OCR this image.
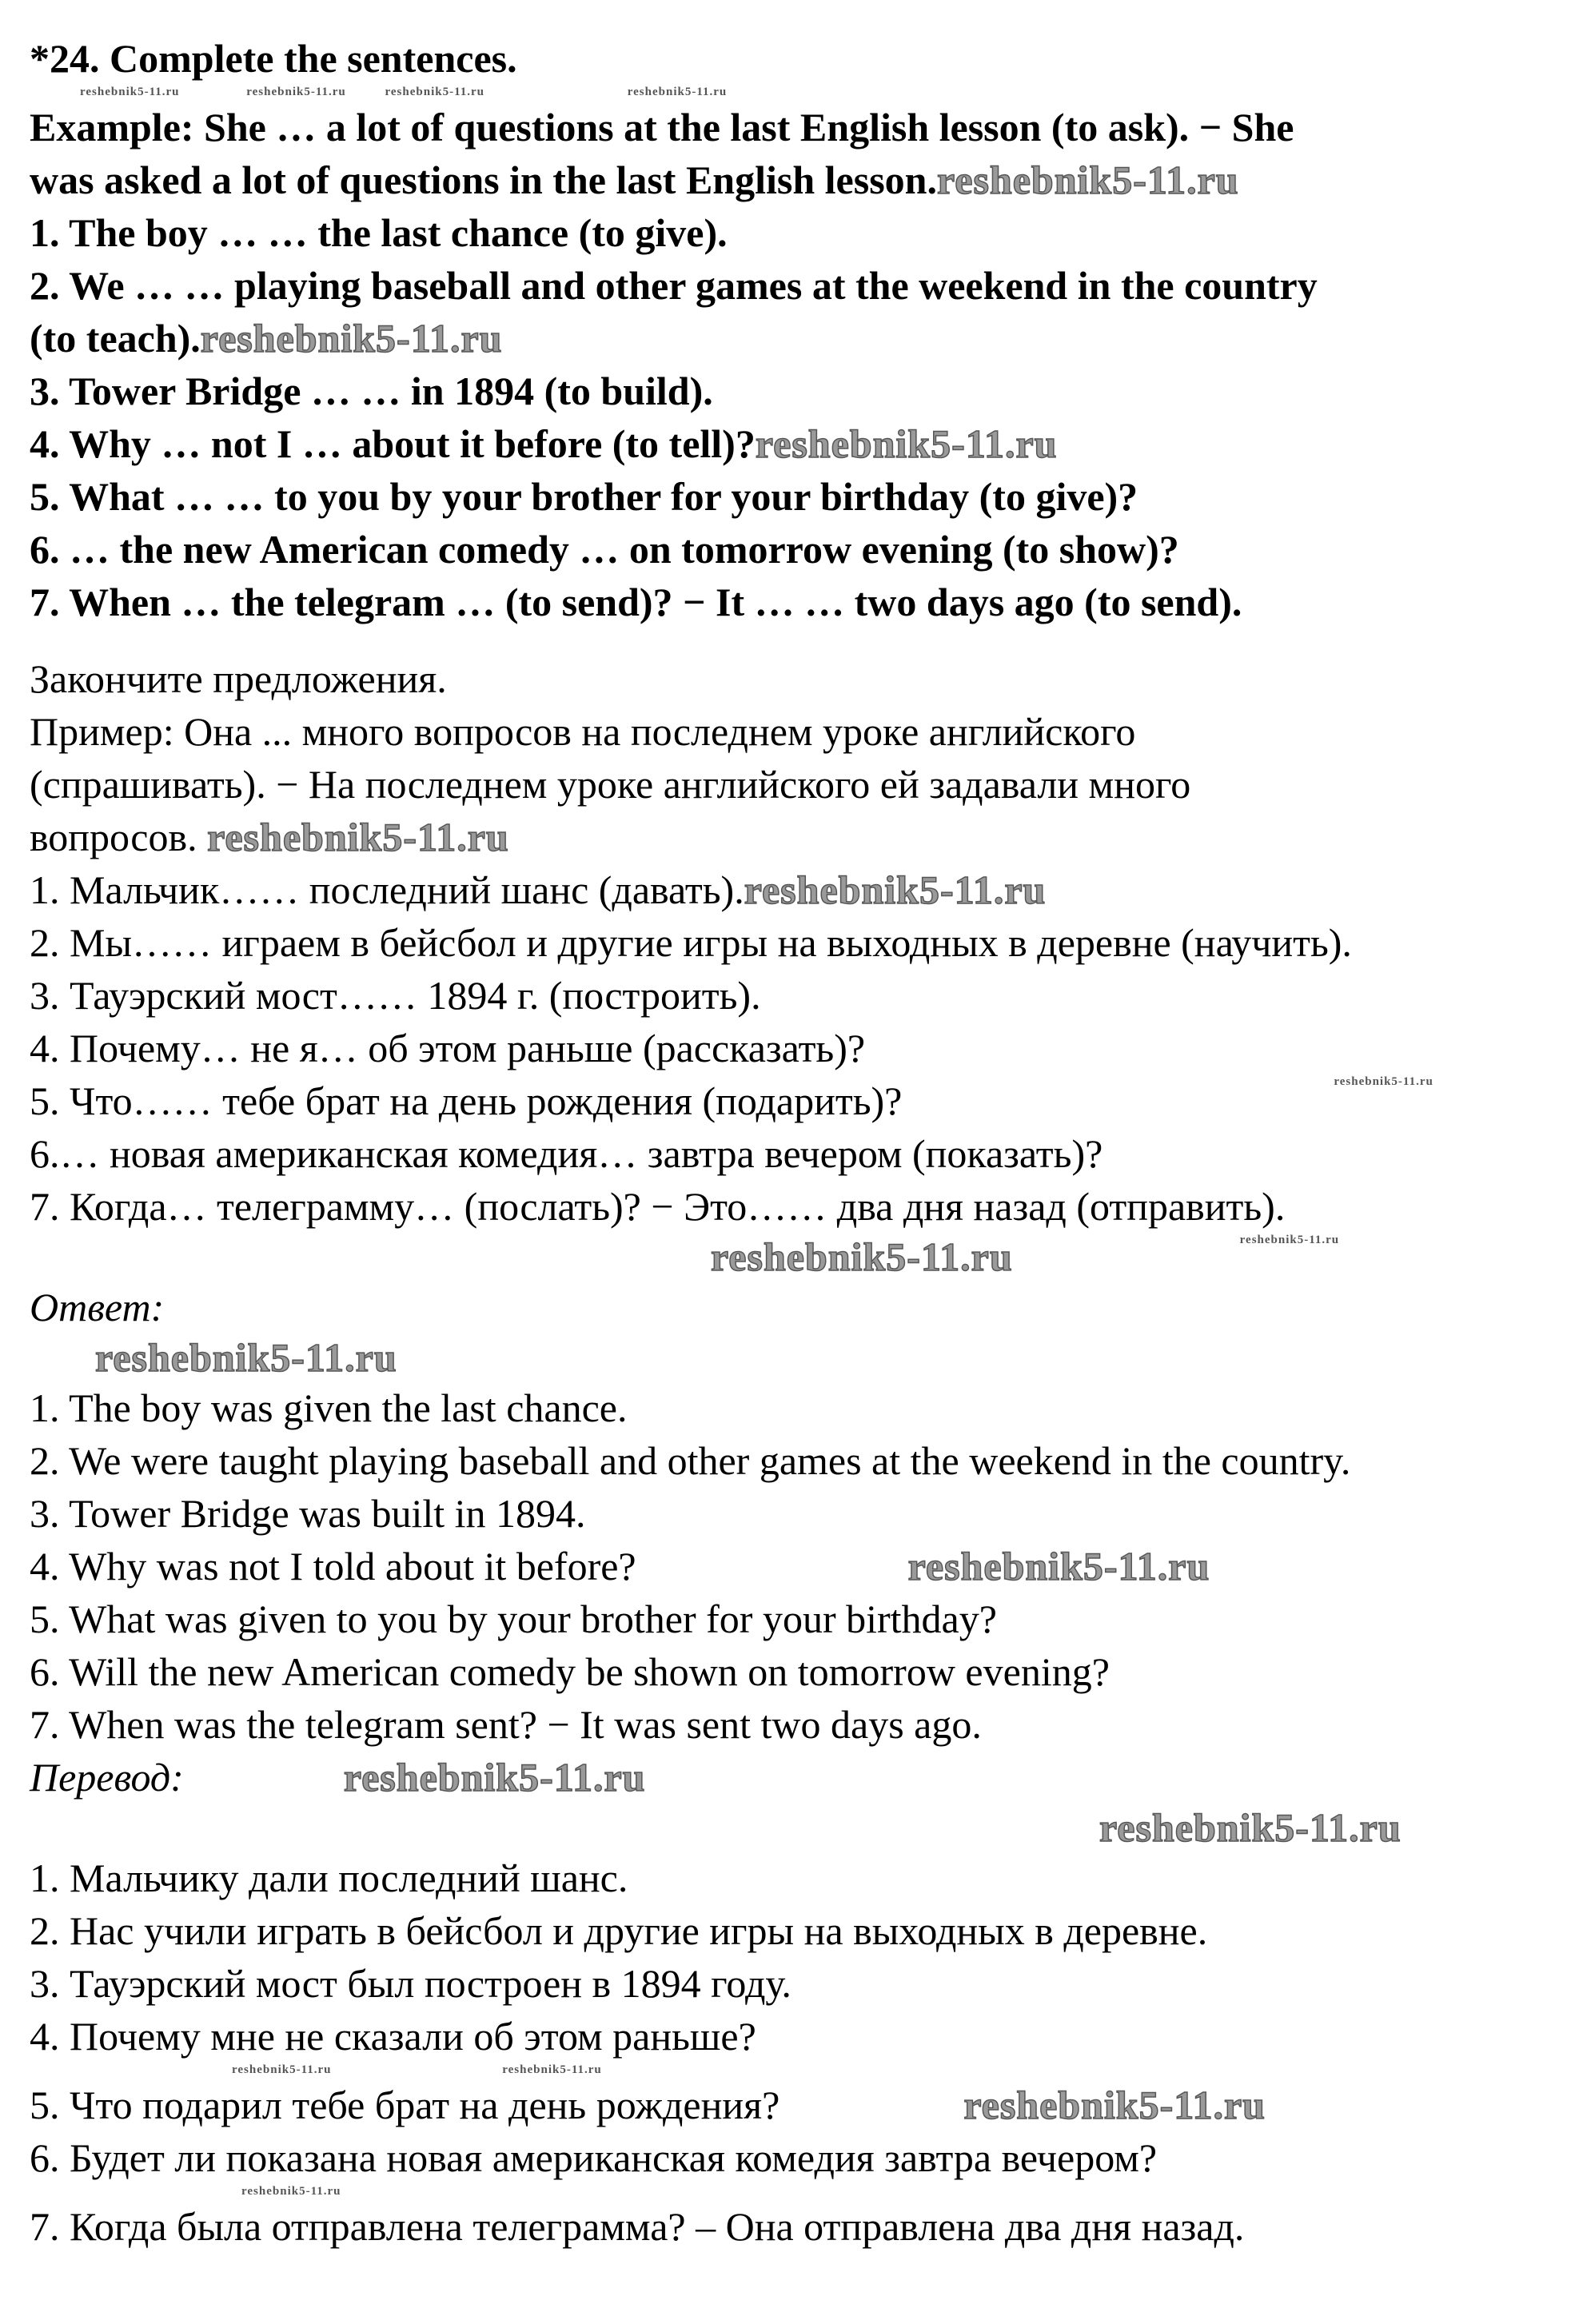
*24. Complete the sentences.
reshebnik5-11.ru	reshebnik5-11.ru	reshebnik5-11.ru	reshebnik5-11.ru
Example: She … a lot of questions at the last English lesson (to ask). − She
was asked a lot of questions in the last English lesson.reshebnik5-11.ru
1. The boy … … the last chance (to give).
2. We … … playing baseball and other games at the weekend in the country
(to teach).reshebnik5-11.ru
3. Tower Bridge … … in 1894 (to build).
4. Why … not I … about it before (to tell)?reshebnik5-11.ru
5. What … … to you by your brother for your birthday (to give)?
6. … the new American comedy … on tomorrow evening (to show)?
7. When … the telegram … (to send)? − It … … two days ago (to send).
Закончите предложения.
Пример: Она ... много вопросов на последнем уроке английского
(спрашивать). − На последнем уроке английского ей задавали много
вопросов. reshebnik5-11.ru
1. Мальчик…… последний шанс (давать).reshebnik5-11.ru
2. Мы…… играем в бейсбол и другие игры на выходных в деревне (научить).
3. Тауэрский мост…… 1894 г. (построить).
4. Почему… не я… об этом раньше (рассказать)?
5. Что…… тебе брат на день рождения (подарить)?	$^{reshebnik5-11.ru}$
6.… новая американская комедия… завтра вечером (показать)?
7. Когда… телеграмму… (послать)? − Это…… два дня назад (отправить).
reshebnik5-11.ru	reshebnik5-11.ru
Ответ:
reshebnik5-11.ru
1. The boy was given the last chance.
2. We were taught playing baseball and other games at the weekend in the country.
3. Tower Bridge was built in 1894.
4. Why was not I told about it before?	reshebnik5-11.ru
5. What was given to you by your brother for your birthday?
6. Will the new American comedy be shown on tomorrow evening?
7. When was the telegram sent? − It was sent two days ago.
Перевод:	reshebnik5-11.ru
reshebnik5-11.ru
1. Мальчику дали последний шанс.
2. Нас учили играть в бейсбол и другие игры на выходных в деревне.
3. Тауэрский мост был построен в 1894 году.
4. Почему мне не сказали об этом раньше?
reshebnik5-11.ru	reshebnik5-11.ru
5. Что подарил тебе брат на день рождения?	reshebnik5-11.ru
6. Будет ли показана новая американская комедия завтра вечером?
reshebnik5-11.ru
7. Когда была отправлена телеграмма? – Она отправлена два дня назад.
